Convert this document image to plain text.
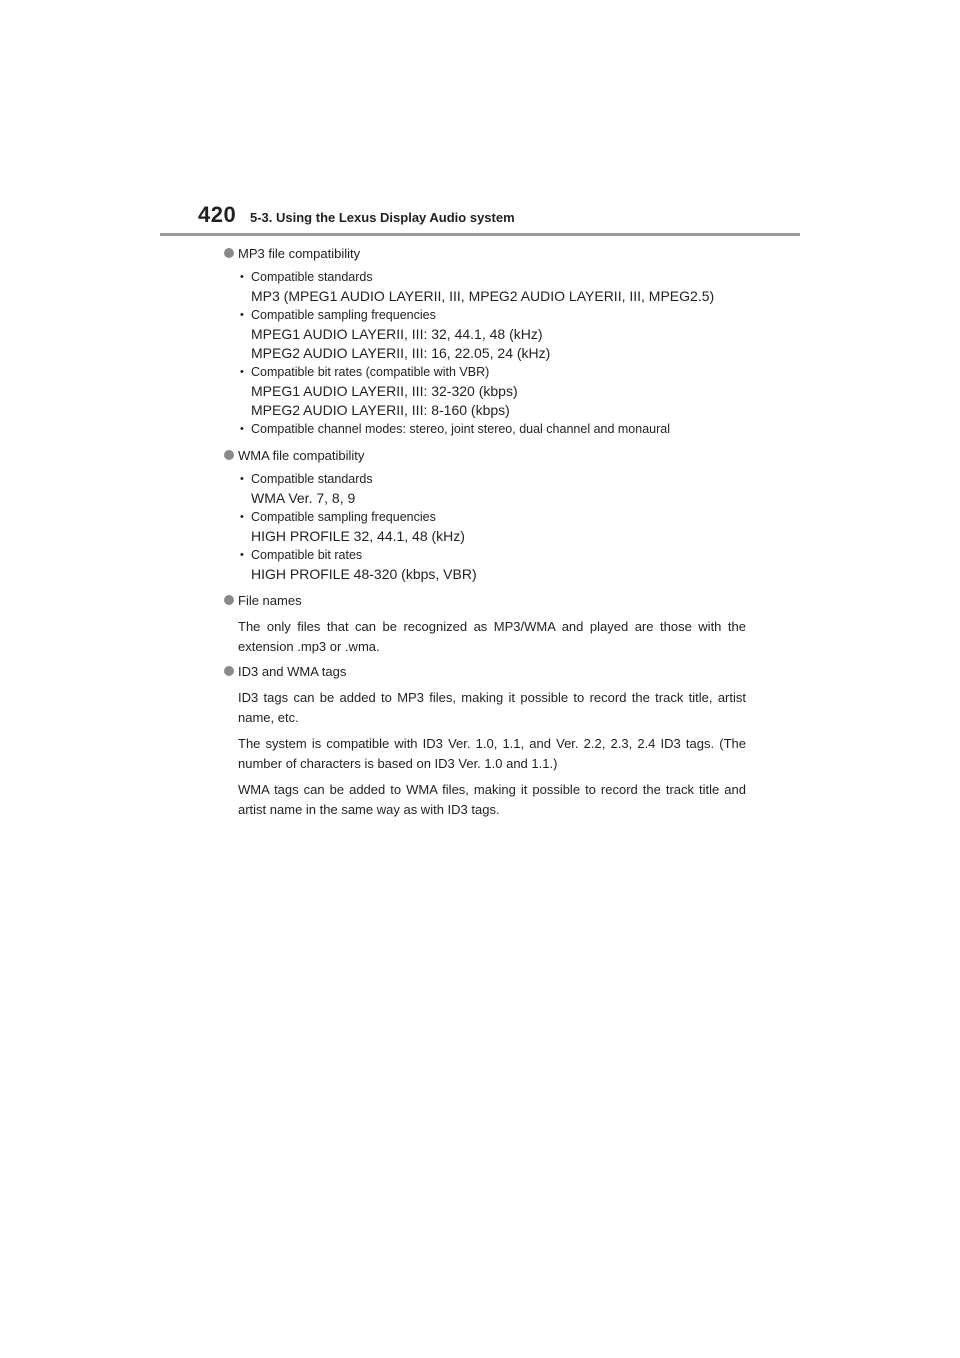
420 5-3. Using the Lexus Display Audio system
MP3 file compatibility
• Compatible standards
MP3 (MPEG1 AUDIO LAYERII, III, MPEG2 AUDIO LAYERII, III, MPEG2.5)
• Compatible sampling frequencies
MPEG1 AUDIO LAYERII, III: 32, 44.1, 48 (kHz)
MPEG2 AUDIO LAYERII, III: 16, 22.05, 24 (kHz)
• Compatible bit rates (compatible with VBR)
MPEG1 AUDIO LAYERII, III: 32-320 (kbps)
MPEG2 AUDIO LAYERII, III: 8-160 (kbps)
• Compatible channel modes: stereo, joint stereo, dual channel and monaural
WMA file compatibility
• Compatible standards
WMA Ver. 7, 8, 9
• Compatible sampling frequencies
HIGH PROFILE 32, 44.1, 48 (kHz)
• Compatible bit rates
HIGH PROFILE 48-320 (kbps, VBR)
File names

The only files that can be recognized as MP3/WMA and played are those with the extension .mp3 or .wma.

ID3 and WMA tags

ID3 tags can be added to MP3 files, making it possible to record the track title, artist name, etc.

The system is compatible with ID3 Ver. 1.0, 1.1, and Ver. 2.2, 2.3, 2.4 ID3 tags. (The number of characters is based on ID3 Ver. 1.0 and 1.1.)

WMA tags can be added to WMA files, making it possible to record the track title and artist name in the same way as with ID3 tags.
